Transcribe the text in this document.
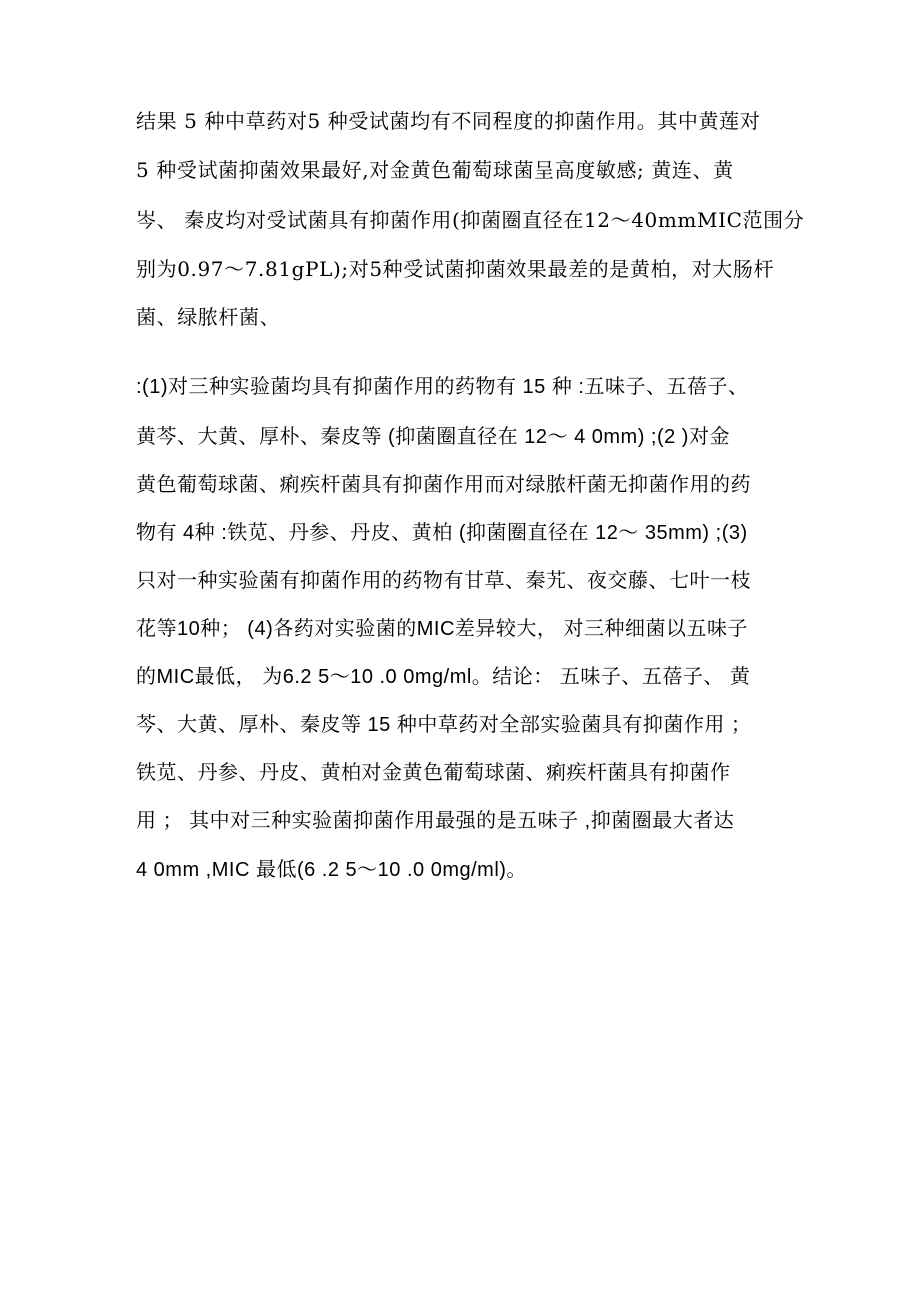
结果 5 种中草药对5 种受试菌均有不同程度的抑菌作用。其中黄莲对
5 种受试菌抑菌效果最好,对金黄色葡萄球菌呈高度敏感; 黄连、黄
岑、 秦皮均对受试菌具有抑菌作用(抑菌圈直径在12〜40mmMIC范围分
别为0.97〜7.81gPL);对5种受试菌抑菌效果最差的是黄柏，对大肠杆
菌、绿脓杆菌、
:(1)对三种实验菌均具有抑菌作用的药物有 15 种 :五味子、五蓓子、
黄芩、大黄、厚朴、秦皮等 (抑菌圈直径在 12〜 4 0mm) ;(2 )对金
黄色葡萄球菌、痢疾杆菌具有抑菌作用而对绿脓杆菌无抑菌作用的药
物有 4种 :铁苋、丹参、丹皮、黄柏 (抑菌圈直径在 12〜 35mm) ;(3)
只对一种实验菌有抑菌作用的药物有甘草、秦艽、夜交藤、七叶一枝
花等10种； (4)各药对实验菌的MIC差异较大， 对三种细菌以五味子
的MIC最低， 为6.2 5〜10 .0 0mg/ml。结论： 五味子、五蓓子、 黄
芩、大黄、厚朴、秦皮等 15 种中草药对全部实验菌具有抑菌作用 ；
铁苋、丹参、丹皮、黄柏对金黄色葡萄球菌、痢疾杆菌具有抑菌作
用 ； 其中对三种实验菌抑菌作用最强的是五味子 ,抑菌圈最大者达
4 0mm ,MIC 最低(6 .2 5〜10 .0 0mg/ml)。
